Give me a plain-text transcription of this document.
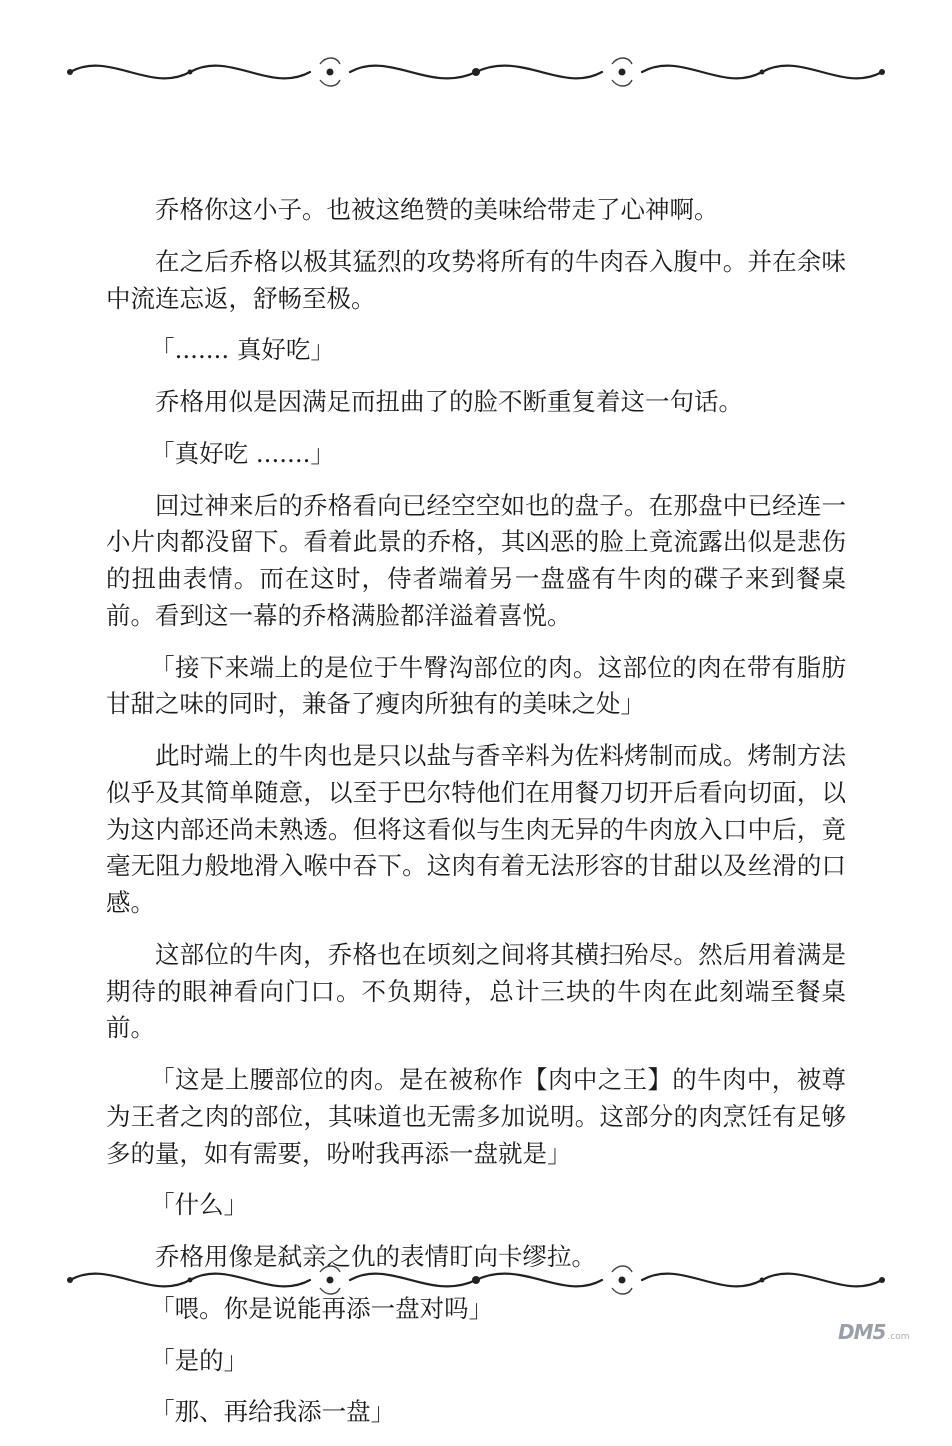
乔格你这小子。也被这绝赞的美味给带走了心神啊。

在之后乔格以极其猛烈的攻势将所有的牛肉吞入腹中。并在余味中流连忘返，舒畅至极。

「....... 真好吃」

乔格用似是因满足而扭曲了的脸不断重复着这一句话。

「真好吃 .......」

回过神来后的乔格看向已经空空如也的盘子。在那盘中已经连一小片肉都没留下。看着此景的乔格，其凶恶的脸上竟流露出似是悲伤的扭曲表情。而在这时，侍者端着另一盘盛有牛肉的碟子来到餐桌前。看到这一幕的乔格满脸都洋溢着喜悦。

「接下来端上的是位于牛臀沟部位的肉。这部位的肉在带有脂肪甘甜之味的同时，兼备了瘦肉所独有的美味之处」

此时端上的牛肉也是只以盐与香辛料为佐料烤制而成。烤制方法似乎及其简单随意，以至于巴尔特他们在用餐刀切开后看向切面，以为这内部还尚未熟透。但将这看似与生肉无异的牛肉放入口中后，竟毫无阻力般地滑入喉中吞下。这肉有着无法形容的甘甜以及丝滑的口感。

这部位的牛肉，乔格也在顷刻之间将其横扫殆尽。然后用着满是期待的眼神看向门口。不负期待，总计三块的牛肉在此刻端至餐桌前。

「这是上腰部位的肉。是在被称作【肉中之王】的牛肉中，被尊为王者之肉的部位，其味道也无需多加说明。这部分的肉烹饪有足够多的量，如有需要，吩咐我再添一盘就是」

「什么」

乔格用像是弑亲之仇的表情盯向卡缪拉。

「喂。你是说能再添一盘对吗」

「是的」

「那、再给我添一盘」

DM5 .com
